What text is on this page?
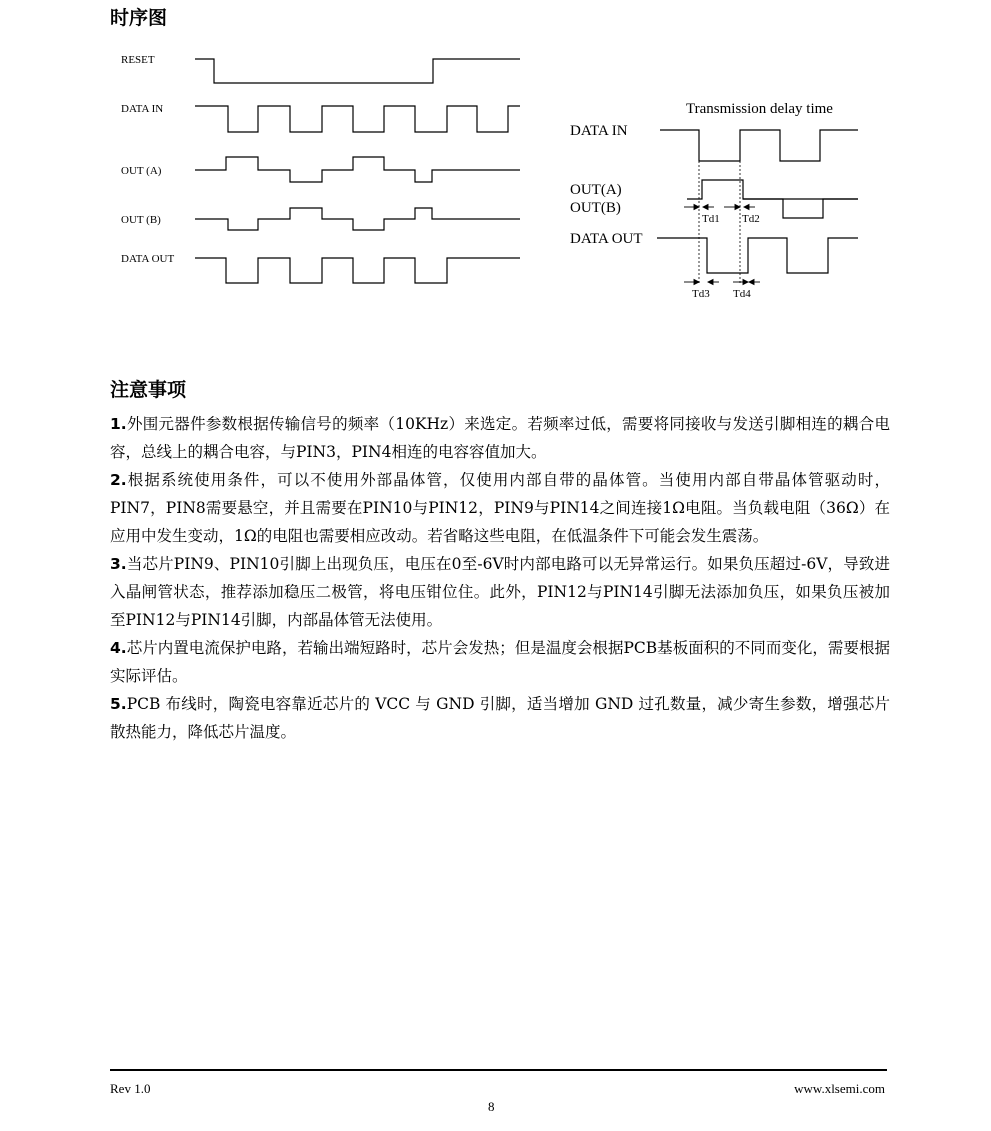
时序图
RESET
DATA IN
OUT (A)
OUT (B)
DATA OUT
Transmission delay time
DATA IN
OUT(A)
OUT(B)
DATA OUT
Td1 Td2
Td3 Td4
注意事项

1.外围元器件参数根据传输信号的频率（10KHz）来选定。若频率过低，需要将同接收与发送引脚相连的耦合电容，总线上的耦合电容，与PIN3，PIN4相连的电容容值加大。

2.根据系统使用条件，可以不使用外部晶体管，仅使用内部自带的晶体管。当使用内部自带晶体管驱动时，PIN7，PIN8需要悬空，并且需要在PIN10与PIN12，PIN9与PIN14之间连接1Ω电阻。当负载电阻（36Ω）在应用中发生变动，1Ω的电阻也需要相应改动。若省略这些电阻，在低温条件下可能会发生震荡。

3.当芯片PIN9、PIN10引脚上出现负压，电压在0至-6V时内部电路可以无异常运行。如果负压超过-6V，导致进入晶闸管状态，推荐添加稳压二极管，将电压钳位住。此外，PIN12与PIN14引脚无法添加负压，如果负压被加至PIN12与PIN14引脚，内部晶体管无法使用。

4.芯片内置电流保护电路，若输出端短路时，芯片会发热；但是温度会根据PCB基板面积的不同而变化，需要根据实际评估。

5.PCB 布线时，陶瓷电容靠近芯片的 VCC 与 GND 引脚，适当增加 GND 过孔数量，减少寄生参数，增强芯片散热能力，降低芯片温度。

Rev 1.0	www.xlsemi.com
8
